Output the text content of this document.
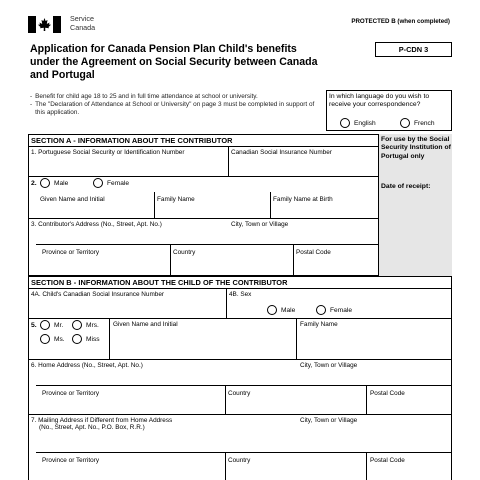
Service
Canada
PROTECTED B (when completed)
P-CDN 3
Application for Canada Pension Plan Child's benefits under the Agreement on Social Security between Canada and Portugal
- Benefit for child age 18 to 25 and in full time attendance at school or university.
- The "Declaration of Attendance at School or University" on page 3 must be completed in support of this application.
In which language do you wish to receive your correspondence?
English	French
SECTION A - INFORMATION ABOUT THE CONTRIBUTOR	For use by the Social Security Institution of Portugal only
Date of receipt:
1. Portuguese Social Security or Identification Number	Canadian Social Insurance Number
2.	Male	Female
Given Name and Initial	Family Name	Family Name at Birth
3. Contributor's Address (No., Street, Apt. No.)	City, Town or Village
Province or Territory	Country	Postal Code
SECTION B - INFORMATION ABOUT THE CHILD OF THE CONTRIBUTOR
4A. Child's Canadian Social Insurance Number	4B. Sex
Male	Female
5.	Mr.	Mrs.
Ms.	Miss
Given Name and Initial	Family Name
6. Home Address (No., Street, Apt. No.)	City, Town or Village
Province or Territory	Country	Postal Code
7. Mailing Address if Different from Home Address
(No., Street, Apt. No., P.O. Box, R.R.)
City, Town or Village
Province or Territory	Country	Postal Code
